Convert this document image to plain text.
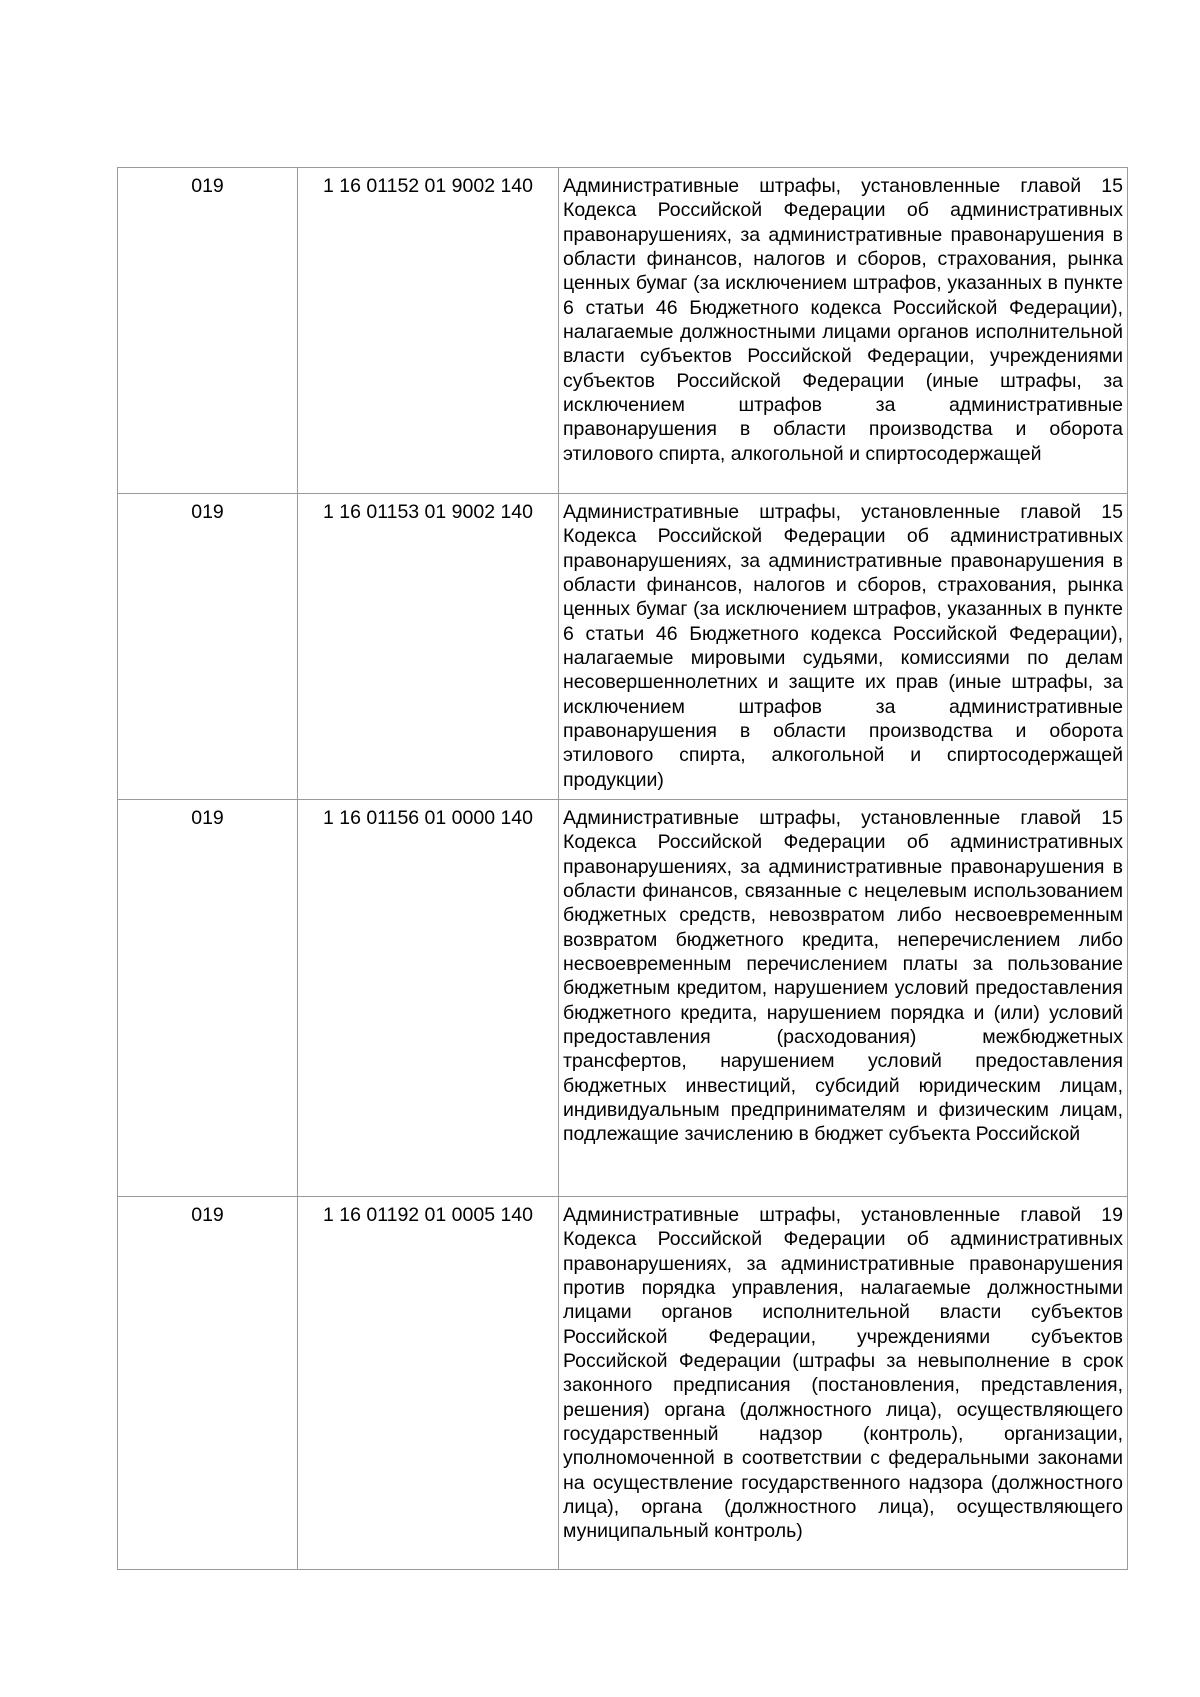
019	1 16 01152 01 9002 140	Административные штрафы, установленные главой 15 Кодекса Российской Федерации об административных правонарушениях, за административные правонарушения в области финансов, налогов и сборов, страхования, рынка ценных бумаг (за исключением штрафов, указанных в пункте 6 статьи 46 Бюджетного кодекса Российской Федерации), налагаемые должностными лицами органов исполнительной власти субъектов Российской Федерации, учреждениями субъектов Российской Федерации (иные штрафы, за исключением штрафов за административные правонарушения в области производства и оборота этилового спирта, алкогольной и спиртосодержащей
019	1 16 01153 01 9002 140	Административные штрафы, установленные главой 15 Кодекса Российской Федерации об административных правонарушениях, за административные правонарушения в области финансов, налогов и сборов, страхования, рынка ценных бумаг (за исключением штрафов, указанных в пункте 6 статьи 46 Бюджетного кодекса Российской Федерации), налагаемые мировыми судьями, комиссиями по делам несовершеннолетних и защите их прав (иные штрафы, за исключением штрафов за административные правонарушения в области производства и оборота этилового спирта, алкогольной и спиртосодержащей продукции)
019	1 16 01156 01 0000 140	Административные штрафы, установленные главой 15 Кодекса Российской Федерации об административных правонарушениях, за административные правонарушения в области финансов, связанные с нецелевым использованием бюджетных средств, невозвратом либо несвоевременным возвратом бюджетного кредита, неперечислением либо несвоевременным перечислением платы за пользование бюджетным кредитом, нарушением условий предоставления бюджетного кредита, нарушением порядка и (или) условий предоставления (расходования) межбюджетных трансфертов, нарушением условий предоставления бюджетных инвестиций, субсидий юридическим лицам, индивидуальным предпринимателям и физическим лицам, подлежащие зачислению в бюджет субъекта Российской
019	1 16 01192 01 0005 140	Административные штрафы, установленные главой 19 Кодекса Российской Федерации об административных правонарушениях, за административные правонарушения против порядка управления, налагаемые должностными лицами органов исполнительной власти субъектов Российской Федерации, учреждениями субъектов Российской Федерации (штрафы за невыполнение в срок законного предписания (постановления, представления, решения) органа (должностного лица), осуществляющего государственный надзор (контроль), организации, уполномоченной в соответствии с федеральными законами на осуществление государственного надзора (должностного лица), органа (должностного лица), осуществляющего муниципальный контроль)
